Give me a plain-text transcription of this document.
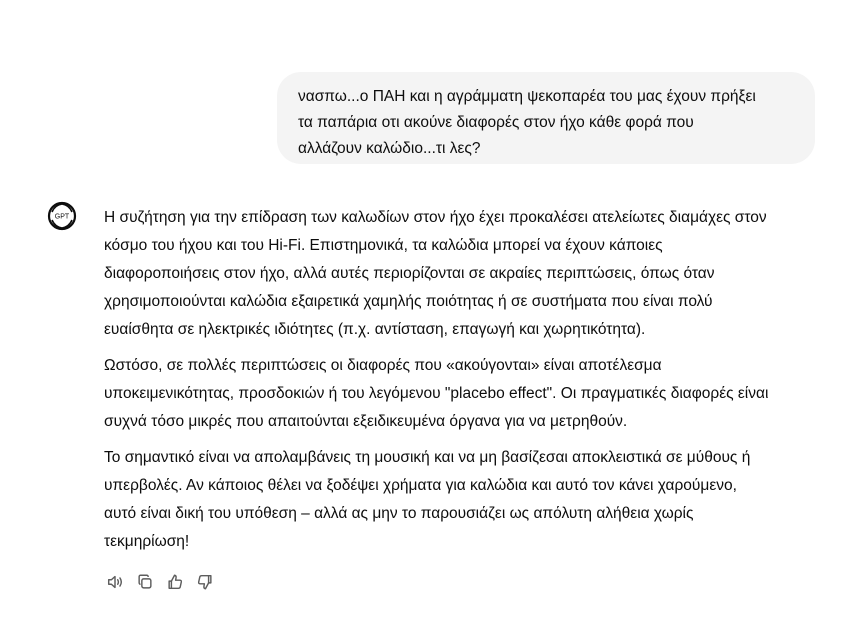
νασπω...ο ΠΑΗ και η αγράμματη ψεκοπαρέα του μας έχουν πρήξει
τα παπάρια οτι ακούνε διαφορές στον ήχο κάθε φορά που
αλλάζουν καλώδιο...τι λες?
GPT Η συζήτηση για την επίδραση των καλωδίων στον ήχο έχει προκαλέσει ατελείωτες διαμάχες στον
κόσμο του ήχου και του Hi-Fi. Επιστημονικά, τα καλώδια μπορεί να έχουν κάποιες
διαφοροποιήσεις στον ήχο, αλλά αυτές περιορίζονται σε ακραίες περιπτώσεις, όπως όταν
χρησιμοποιούνται καλώδια εξαιρετικά χαμηλής ποιότητας ή σε συστήματα που είναι πολύ
ευαίσθητα σε ηλεκτρικές ιδιότητες (π.χ. αντίσταση, επαγωγή και χωρητικότητα).

Ωστόσο, σε πολλές περιπτώσεις οι διαφορές που «ακούγονται» είναι αποτέλεσμα
υποκειμενικότητας, προσδοκιών ή του λεγόμενου "placebo effect". Οι πραγματικές διαφορές είναι
συχνά τόσο μικρές που απαιτούνται εξειδικευμένα όργανα για να μετρηθούν.

Το σημαντικό είναι να απολαμβάνεις τη μουσική και να μη βασίζεσαι αποκλειστικά σε μύθους ή
υπερβολές. Αν κάποιος θέλει να ξοδέψει χρήματα για καλώδια και αυτό τον κάνει χαρούμενο,
αυτό είναι δική του υπόθεση – αλλά ας μην το παρουσιάζει ως απόλυτη αλήθεια χωρίς
τεκμηρίωση!
